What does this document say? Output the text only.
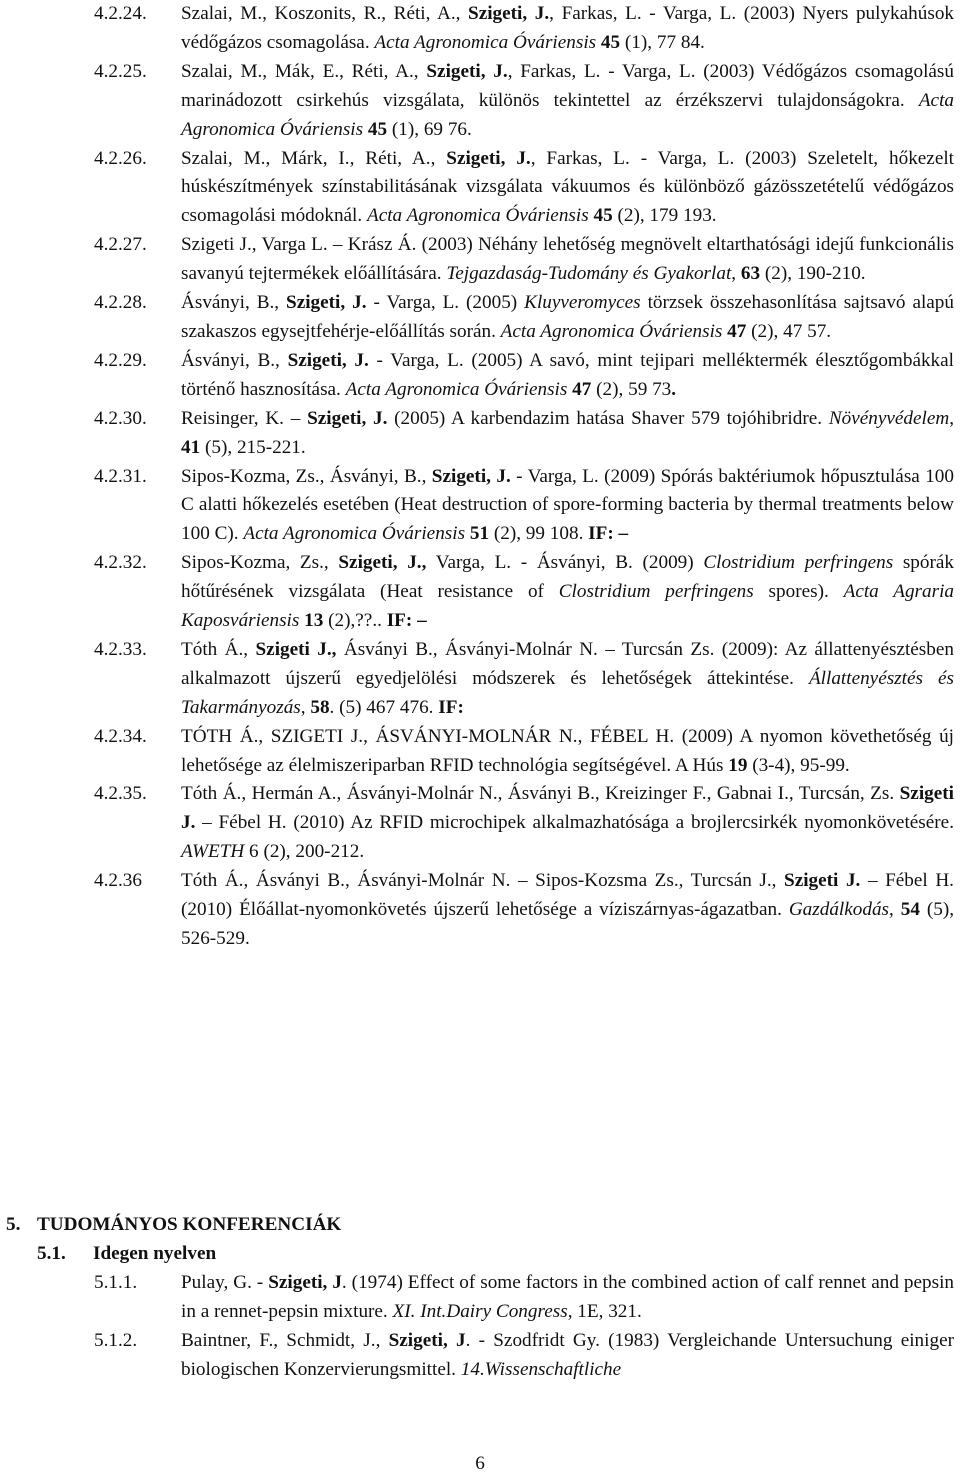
4.2.24. Szalai, M., Koszonits, R., Réti, A., Szigeti, J., Farkas, L. - Varga, L. (2003) Nyers pulykahúsok védőgázos csomagolása. Acta Agronomica Óváriensis 45 (1), 77 84.
4.2.25. Szalai, M., Mák, E., Réti, A., Szigeti, J., Farkas, L. - Varga, L. (2003) Védőgázos csomagolású marinádozott csirkehús vizsgálata, különös tekintettel az érzékszervi tulajdonságokra. Acta Agronomica Óváriensis 45 (1), 69 76.
4.2.26. Szalai, M., Márk, I., Réti, A., Szigeti, J., Farkas, L. - Varga, L. (2003) Szeletelt, hőkezelt húskészítmények színstabilitásának vizsgálata vákuumos és különböző gázösszetételű védőgázos csomagolási módoknál. Acta Agronomica Óváriensis 45 (2), 179 193.
4.2.27. Szigeti J., Varga L. – Krász Á. (2003) Néhány lehetőség megnövelt eltarthatósági idejű funkcionális savanyú tejtermékek előállítására. Tejgazdaság-Tudomány és Gyakorlat, 63 (2), 190-210.
4.2.28. Ásványi, B., Szigeti, J. - Varga, L. (2005) Kluyveromyces törzsek összehasonlítása sajtsavó alapú szakaszos egysejtfehérje-előállítás során. Acta Agronomica Óváriensis 47 (2), 47 57.
4.2.29. Ásványi, B., Szigeti, J. - Varga, L. (2005) A savó, mint tejipari melléktermék élesztőgombákkal történő hasznosítása. Acta Agronomica Óváriensis 47 (2), 59 73.
4.2.30. Reisinger, K. – Szigeti, J. (2005) A karbendazim hatása Shaver 579 tojóhibridre. Növényvédelem, 41 (5), 215-221.
4.2.31. Sipos-Kozma, Zs., Ásványi, B., Szigeti, J. - Varga, L. (2009) Spórás baktériumok hőpusztulása 100 C alatti hőkezelés esetében (Heat destruction of spore-forming bacteria by thermal treatments below 100 C). Acta Agronomica Óváriensis 51 (2), 99 108. IF: –
4.2.32. Sipos-Kozma, Zs., Szigeti, J., Varga, L. - Ásványi, B. (2009) Clostridium perfringens spórák hőtűrésének vizsgálata (Heat resistance of Clostridium perfringens spores). Acta Agraria Kaposváriensis 13 (2),??.. IF: –
4.2.33. Tóth Á., Szigeti J., Ásványi B., Ásványi-Molnár N. – Turcsán Zs. (2009): Az állattenyésztésben alkalmazott újszerű egyedjelölési módszerek és lehetőségek áttekintése. Állattenyésztés és Takarmányozás, 58. (5) 467 476. IF:
4.2.34. TÓTH Á., SZIGETI J., ÁSVÁNYI-MOLNÁR N., FÉBEL H. (2009) A nyomon követhetőség új lehetősége az élelmiszeriparban RFID technológia segítségével. A Hús 19 (3-4), 95-99.
4.2.35. Tóth Á., Hermán A., Ásványi-Molnár N., Ásványi B., Kreizinger F., Gabnai I., Turcsán, Zs. Szigeti J. – Fébel H. (2010) Az RFID microchipek alkalmazhatósága a brojlercsirkék nyomonkövetésére. AWETH 6 (2), 200-212.
4.2.36 Tóth Á., Ásványi B., Ásványi-Molnár N. – Sipos-Kozsma Zs., Turcsán J., Szigeti J. – Fébel H. (2010) Élőállat-nyomonkövetés újszerű lehetősége a víziszárnyas-ágazatban. Gazdálkodás, 54 (5), 526-529.
5. TUDOMÁNYOS KONFERENCIÁK
5.1. Idegen nyelven
5.1.1. Pulay, G. - Szigeti, J. (1974) Effect of some factors in the combined action of calf rennet and pepsin in a rennet-pepsin mixture. XI. Int.Dairy Congress, 1E, 321.
5.1.2. Baintner, F., Schmidt, J., Szigeti, J. - Szodfridt Gy. (1983) Vergleichande Untersuchung einiger biologischen Konzervierungsmittel. 14.Wissenschaftliche
6
